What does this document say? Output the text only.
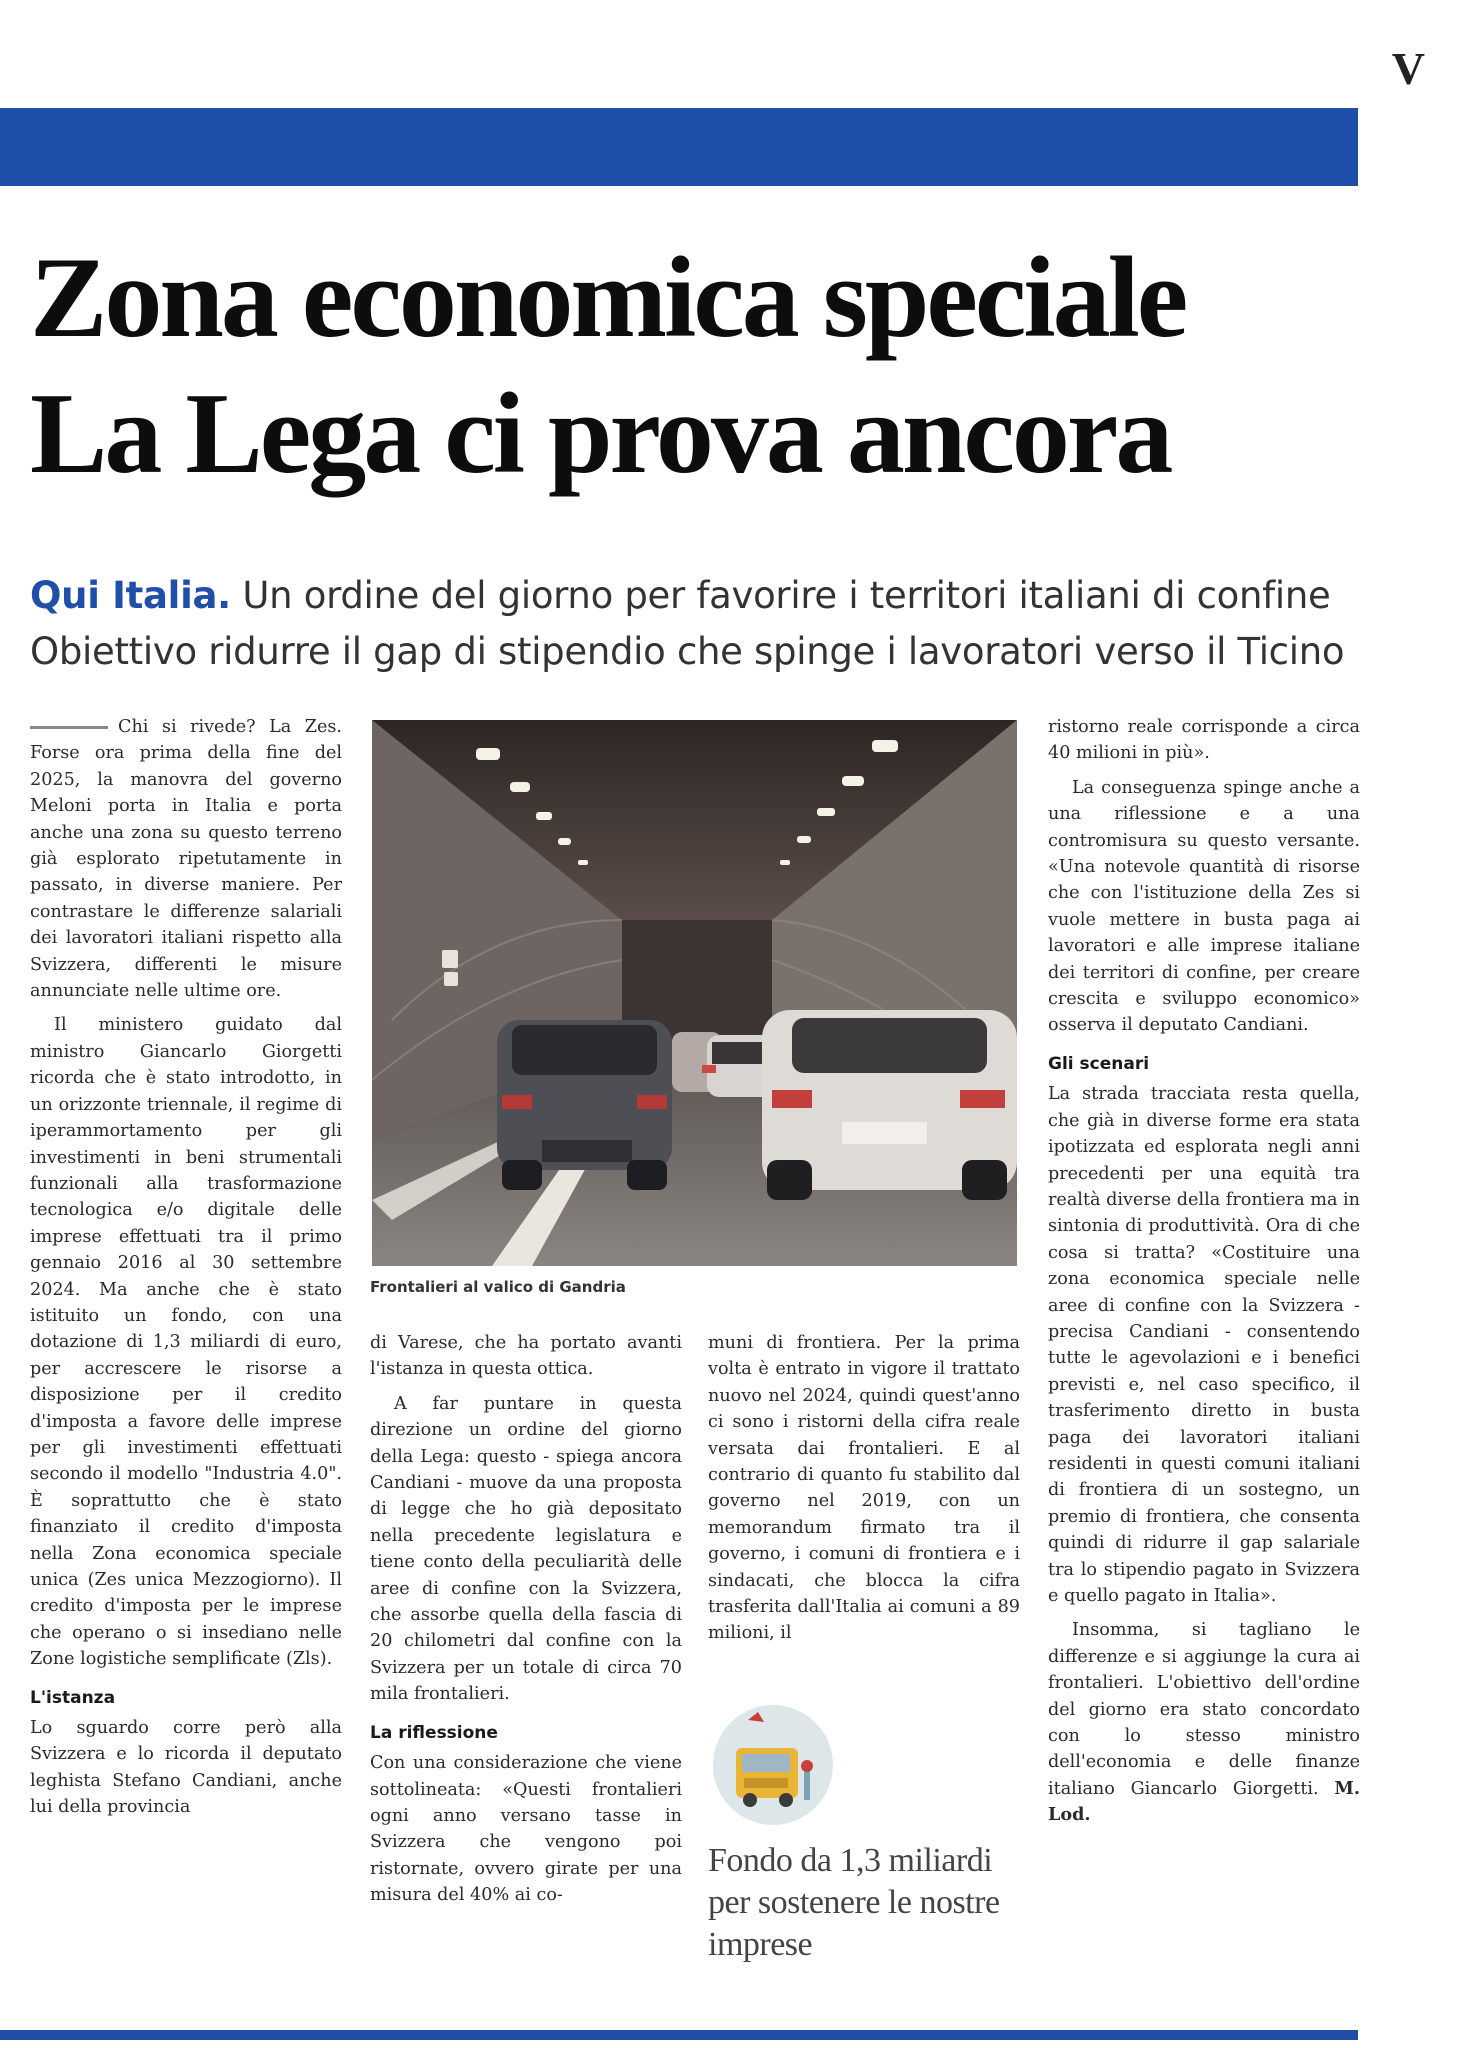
V
Zona economica speciale
La Lega ci prova ancora
Qui Italia. Un ordine del giorno per favorire i territori italiani di confine
Obiettivo ridurre il gap di stipendio che spinge i lavoratori verso il Ticino

Chi si rivede? La Zes. Forse ora prima della fine del 2025, la manovra del governo Meloni porta in Italia e porta anche una zona su questo terreno già esplorato ripetutamente in passato, in diverse maniere. Per contrastare le differenze salariali dei lavoratori italiani rispetto alla Svizzera, differenti le misure annunciate nelle ultime ore.

Il ministero guidato dal ministro Giancarlo Giorgetti ricorda che è stato introdotto, in un orizzonte triennale, il regime di iperammortamento per gli investimenti in beni strumentali funzionali alla trasformazione tecnologica e/o digitale delle imprese effettuati tra il primo gennaio 2016 al 30 settembre 2024. Ma anche che è stato istituito un fondo, con una dotazione di 1,3 miliardi di euro, per accrescere le risorse a disposizione per il credito d'imposta a favore delle imprese per gli investimenti effettuati secondo il modello "Industria 4.0". È soprattutto che è stato finanziato il credito d'imposta nella Zona economica speciale unica (Zes unica Mezzogiorno). Il credito d'imposta per le imprese che operano o si insediano nelle Zone logistiche semplificate (Zls).

L'istanza

Lo sguardo corre però alla Svizzera e lo ricorda il deputato leghista Stefano Candiani, anche lui della provincia

Frontalieri al valico di Gandria

di Varese, che ha portato avanti l'istanza in questa ottica.

A far puntare in questa direzione un ordine del giorno della Lega: questo - spiega ancora Candiani - muove da una proposta di legge che ho già depositato nella precedente legislatura e tiene conto della peculiarità delle aree di confine con la Svizzera, che assorbe quella della fascia di 20 chilometri dal confine con la Svizzera per un totale di circa 70 mila frontalieri.

La riflessione

Con una considerazione che viene sottolineata: «Questi frontalieri ogni anno versano tasse in Svizzera che vengono poi ristornate, ovvero girate per una misura del 40% ai co-

muni di frontiera. Per la prima volta è entrato in vigore il trattato nuovo nel 2024, quindi quest'anno ci sono i ristorni della cifra reale versata dai frontalieri. E al contrario di quanto fu stabilito dal governo nel 2019, con un memorandum firmato tra il governo, i comuni di frontiera e i sindacati, che blocca la cifra trasferita dall'Italia ai comuni a 89 milioni, il

Fondo da 1,3 miliardi per sostenere le nostre imprese

ristorno reale corrisponde a circa 40 milioni in più».

La conseguenza spinge anche a una riflessione e a una contromisura su questo versante. «Una notevole quantità di risorse che con l'istituzione della Zes si vuole mettere in busta paga ai lavoratori e alle imprese italiane dei territori di confine, per creare crescita e sviluppo economico» osserva il deputato Candiani.

Gli scenari

La strada tracciata resta quella, che già in diverse forme era stata ipotizzata ed esplorata negli anni precedenti per una equità tra realtà diverse della frontiera ma in sintonia di produttività. Ora di che cosa si tratta? «Costituire una zona economica speciale nelle aree di confine con la Svizzera - precisa Candiani - consentendo tutte le agevolazioni e i benefici previsti e, nel caso specifico, il trasferimento diretto in busta paga dei lavoratori italiani residenti in questi comuni italiani di frontiera di un sostegno, un premio di frontiera, che consenta quindi di ridurre il gap salariale tra lo stipendio pagato in Svizzera e quello pagato in Italia».

Insomma, si tagliano le differenze e si aggiunge la cura ai frontalieri. L'obiettivo dell'ordine del giorno era stato concordato con lo stesso ministro dell'economia e delle finanze italiano Giancarlo Giorgetti. M. Lod.
